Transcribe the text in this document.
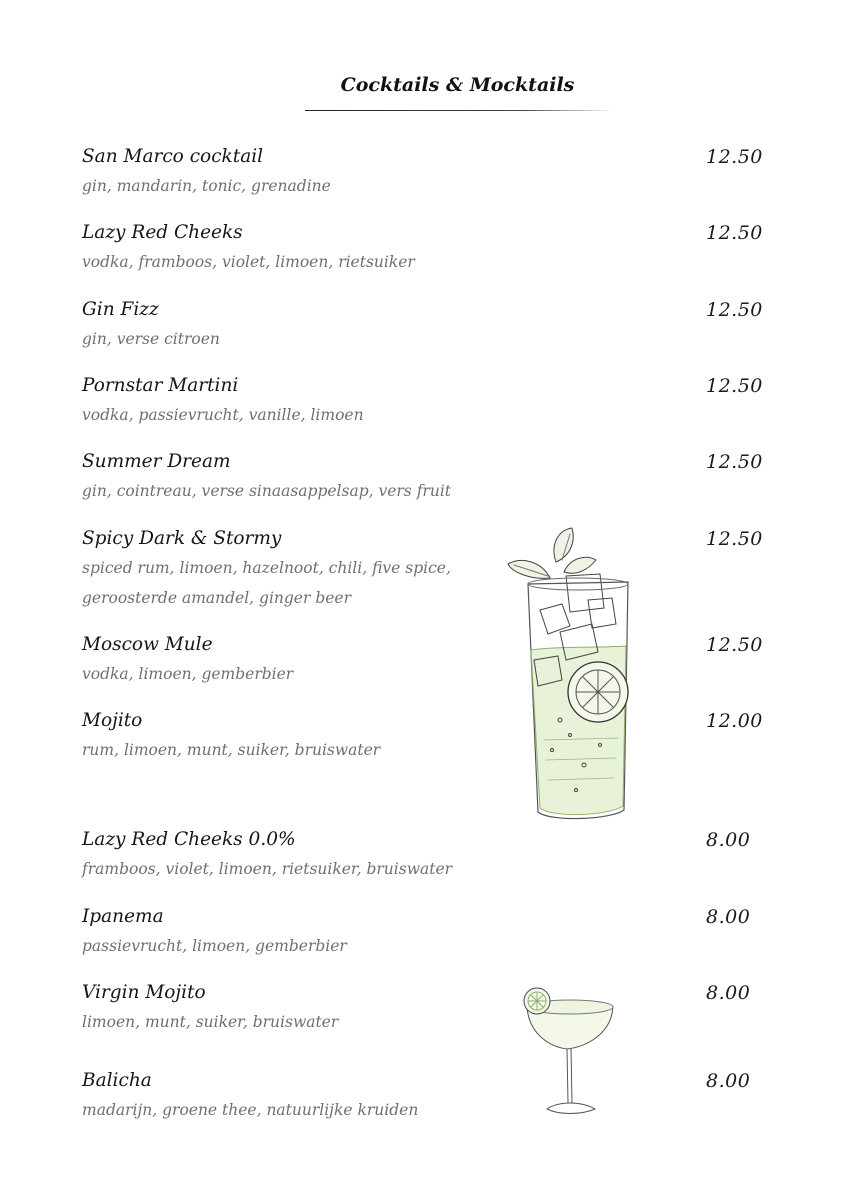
Cocktails & Mocktails
San Marco cocktail
gin, mandarin, tonic, grenadine
12.50
Lazy Red Cheeks
vodka, framboos, violet, limoen, rietsuiker
12.50
Gin Fizz
gin, verse citroen
12.50
Pornstar Martini
vodka, passievrucht, vanille, limoen
12.50
Summer Dream
gin, cointreau, verse sinaasappelsap, vers fruit
12.50
Spicy Dark & Stormy
spiced rum, limoen, hazelnoot, chili, five spice, geroosterde amandel, ginger beer
12.50
Moscow Mule
vodka, limoen, gemberbier
12.50
Mojito
rum, limoen, munt, suiker, bruiswater
12.00
Lazy Red Cheeks 0.0%
framboos, violet, limoen, rietsuiker, bruiswater
8.00
Ipanema
passievrucht, limoen, gemberbier
8.00
Virgin Mojito
limoen, munt, suiker, bruiswater
8.00
Balicha
madarijn, groene thee, natuurlijke kruiden
8.00
